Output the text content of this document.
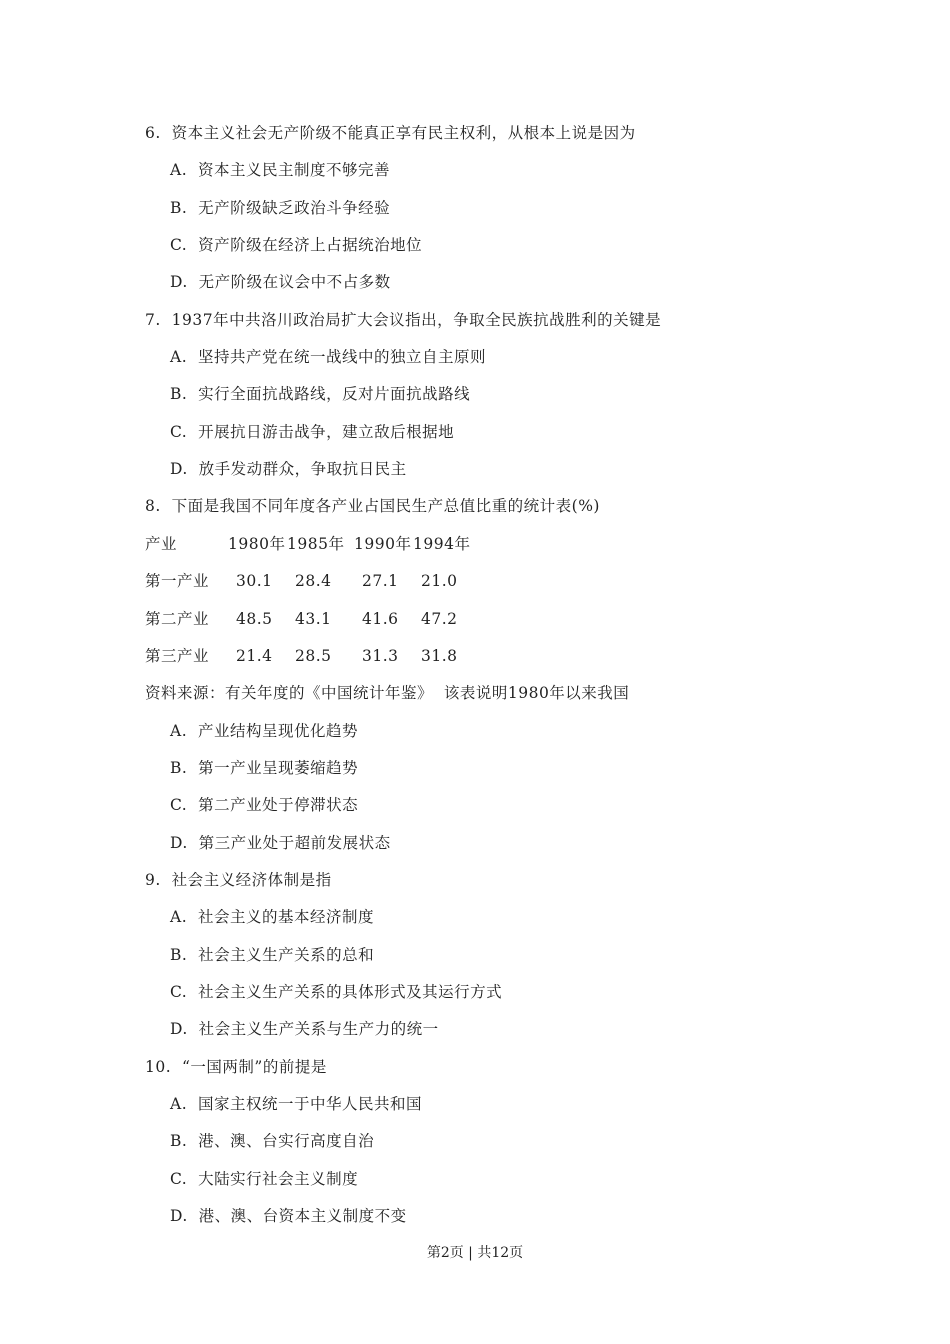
6.  资本主义社会无产阶级不能真正享有民主权利，从根本上说是因为
A.  资本主义民主制度不够完善
B.  无产阶级缺乏政治斗争经验
C.  资产阶级在经济上占据统治地位
D.  无产阶级在议会中不占多数
7.  1937年中共洛川政治局扩大会议指出，争取全民族抗战胜利的关键是
A.  坚持共产党在统一战线中的独立自主原则
B.  实行全面抗战路线，反对片面抗战路线
C.  开展抗日游击战争，建立敌后根据地
D.  放手发动群众，争取抗日民主
8.  下面是我国不同年度各产业占国民生产总值比重的统计表(%)
产业	1980年 1985年 1990年 1994年
第一产业 30.1 28.4 27.1 21.0
第二产业 48.5 43.1 41.6 47.2
第三产业 21.4 28.5 31.3 31.8
资料来源：有关年度的《中国统计年鉴》  该表说明1980年以来我国
A.  产业结构呈现优化趋势
B.  第一产业呈现萎缩趋势
C.  第二产业处于停滞状态
D.  第三产业处于超前发展状态
9.  社会主义经济体制是指
A.  社会主义的基本经济制度
B.  社会主义生产关系的总和
C.  社会主义生产关系的具体形式及其运行方式
D.  社会主义生产关系与生产力的统一
10.  “一国两制”的前提是
A.  国家主权统一于中华人民共和国
B.  港、澳、台实行高度自治
C.  大陆实行社会主义制度
D.  港、澳、台资本主义制度不变
第2页 | 共12页
